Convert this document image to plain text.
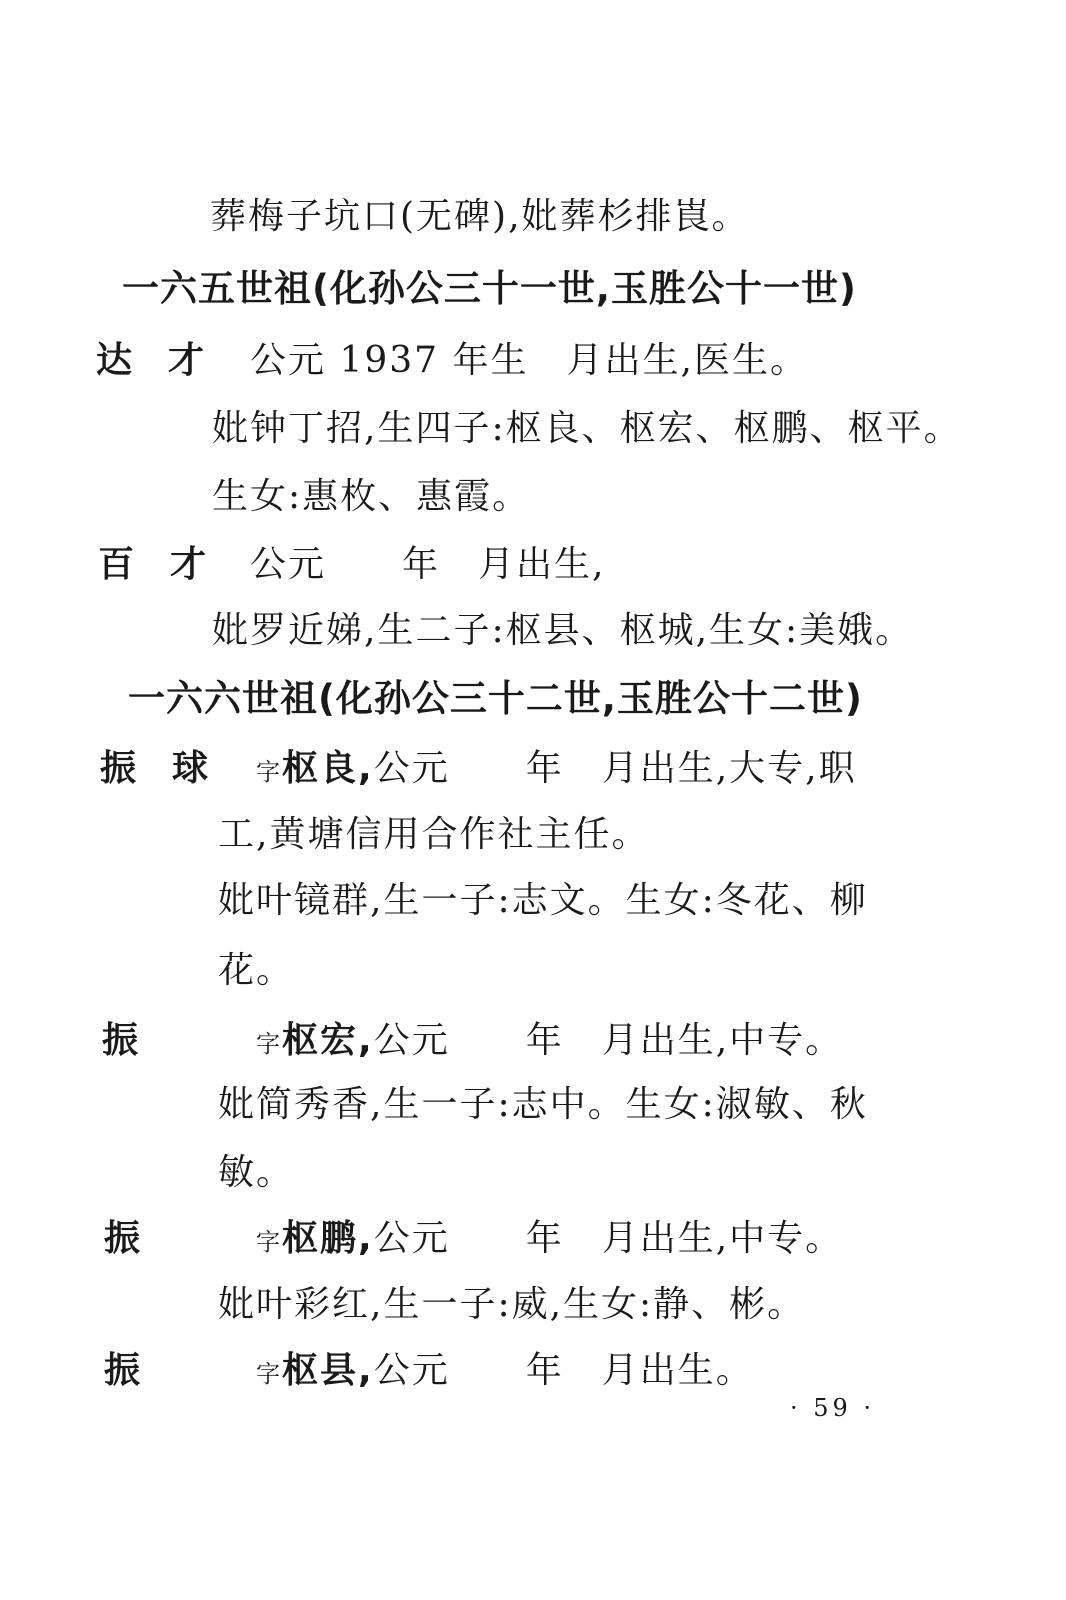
葬梅子坑口(无碑),妣葬杉排崀。
一六五世祖(化孙公三十一世,玉胜公十一世)
达　才 公元 1937 年生　月出生,医生。
妣钟丁招,生四子:枢良、枢宏、枢鹏、枢平。
生女:惠枚、惠霞。
百　才 公元　　年　月出生,
妣罗近娣,生二子:枢县、枢城,生女:美娥。
一六六世祖(化孙公三十二世,玉胜公十二世)
振　球 字枢良,公元　　年　月出生,大专,职
工,黄塘信用合作社主任。
妣叶镜群,生一子:志文。生女:冬花、柳
花。
振	字枢宏,公元　　年　月出生,中专。
妣简秀香,生一子:志中。生女:淑敏、秋
敏。
振	字枢鹏,公元　　年　月出生,中专。
妣叶彩红,生一子:威,生女:静、彬。
振	字枢县,公元　　年　月出生。
· 59 ·
